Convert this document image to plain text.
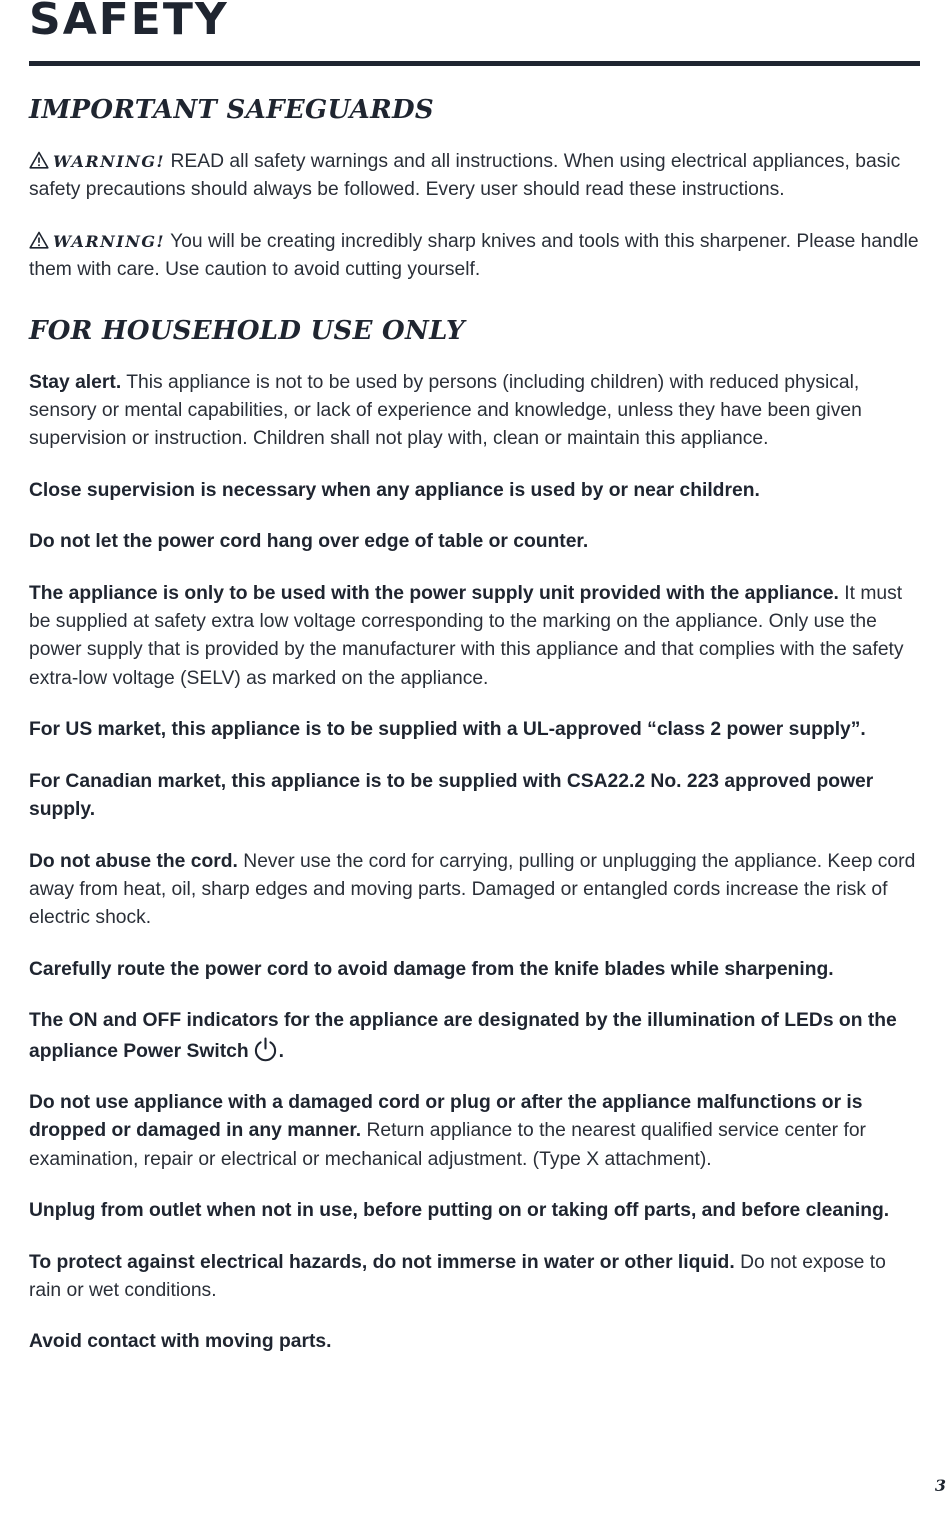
SAFETY
IMPORTANT SAFEGUARDS

WARNING! READ all safety warnings and all instructions. When using electrical appliances, basic safety precautions should always be followed. Every user should read these instructions.

WARNING! You will be creating incredibly sharp knives and tools with this sharpener. Please handle them with care. Use caution to avoid cutting yourself.

FOR HOUSEHOLD USE ONLY

Stay alert. This appliance is not to be used by persons (including children) with reduced physical, sensory or mental capabilities, or lack of experience and knowledge, unless they have been given supervision or instruction. Children shall not play with, clean or maintain this appliance.

Close supervision is necessary when any appliance is used by or near children.

Do not let the power cord hang over edge of table or counter.

The appliance is only to be used with the power supply unit provided with the appliance. It must be supplied at safety extra low voltage corresponding to the marking on the appliance. Only use the power supply that is provided by the manufacturer with this appliance and that complies with the safety extra-low voltage (SELV) as marked on the appliance.

For US market, this appliance is to be supplied with a UL-approved “class 2 power supply”.

For Canadian market, this appliance is to be supplied with CSA22.2 No. 223 approved power supply.

Do not abuse the cord. Never use the cord for carrying, pulling or unplugging the appliance. Keep cord away from heat, oil, sharp edges and moving parts. Damaged or entangled cords increase the risk of electric shock.

Carefully route the power cord to avoid damage from the knife blades while sharpening.

The ON and OFF indicators for the appliance are designated by the illumination of LEDs on the appliance Power Switch .

Do not use appliance with a damaged cord or plug or after the appliance malfunctions or is dropped or damaged in any manner. Return appliance to the nearest qualified service center for examination, repair or electrical or mechanical adjustment. (Type X attachment).

Unplug from outlet when not in use, before putting on or taking off parts, and before cleaning.

To protect against electrical hazards, do not immerse in water or other liquid. Do not expose to rain or wet conditions.

Avoid contact with moving parts.

3
